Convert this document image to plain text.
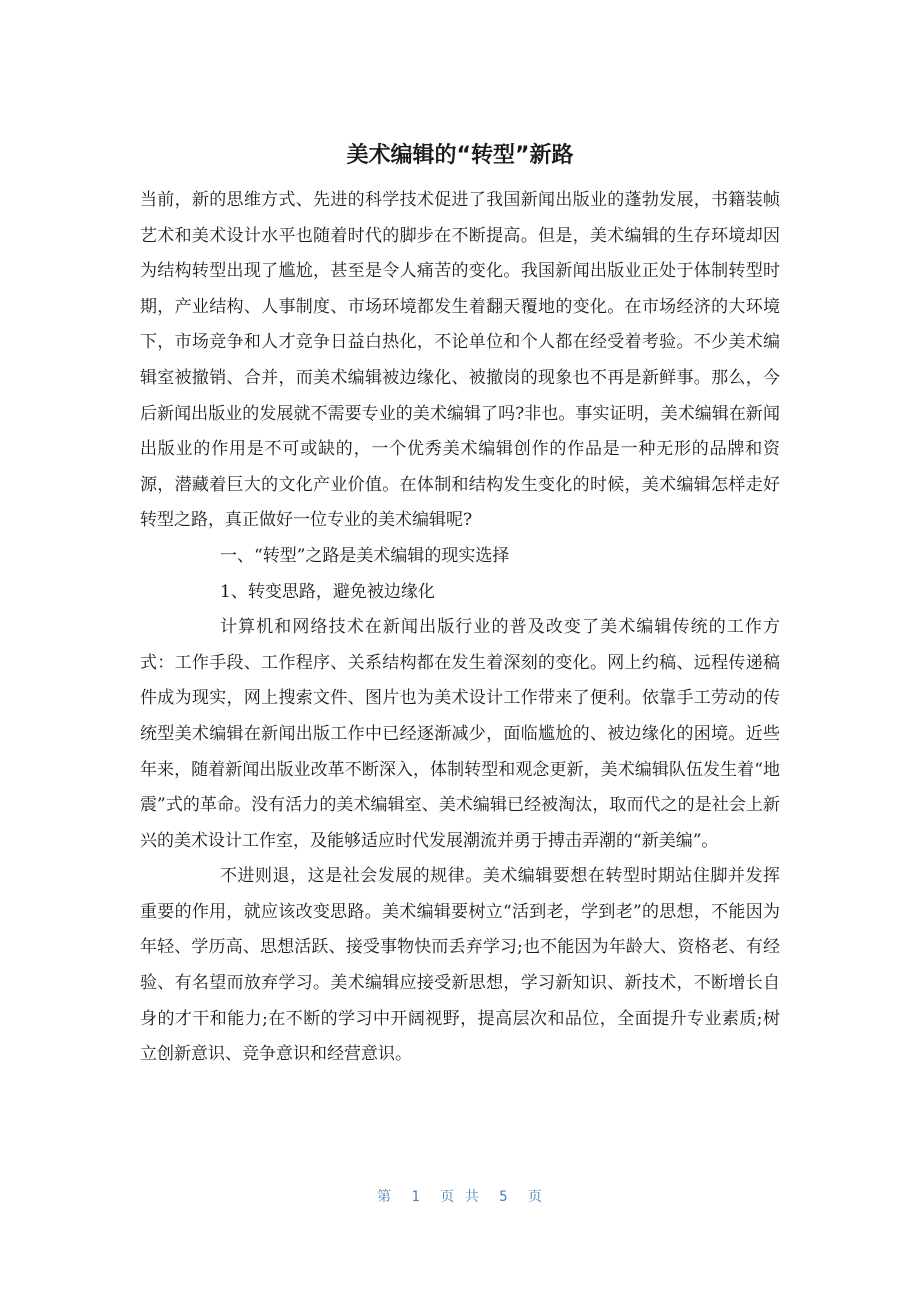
美术编辑的“转型”新路

当前，新的思维方式、先进的科学技术促进了我国新闻出版业的蓬勃发展，书籍装帧艺术和美术设计水平也随着时代的脚步在不断提高。但是，美术编辑的生存环境却因为结构转型出现了尴尬，甚至是令人痛苦的变化。我国新闻出版业正处于体制转型时期，产业结构、人事制度、市场环境都发生着翻天覆地的变化。在市场经济的大环境下，市场竞争和人才竞争日益白热化，不论单位和个人都在经受着考验。不少美术编辑室被撤销、合并，而美术编辑被边缘化、被撤岗的现象也不再是新鲜事。那么，今后新闻出版业的发展就不需要专业的美术编辑了吗?非也。事实证明，美术编辑在新闻出版业的作用是不可或缺的，一个优秀美术编辑创作的作品是一种无形的品牌和资源，潜藏着巨大的文化产业价值。在体制和结构发生变化的时候，美术编辑怎样走好转型之路，真正做好一位专业的美术编辑呢?

一、“转型”之路是美术编辑的现实选择

1、转变思路，避免被边缘化

计算机和网络技术在新闻出版行业的普及改变了美术编辑传统的工作方式：工作手段、工作程序、关系结构都在发生着深刻的变化。网上约稿、远程传递稿件成为现实，网上搜索文件、图片也为美术设计工作带来了便利。依靠手工劳动的传统型美术编辑在新闻出版工作中已经逐渐减少，面临尴尬的、被边缘化的困境。近些年来，随着新闻出版业改革不断深入，体制转型和观念更新，美术编辑队伍发生着“地震”式的革命。没有活力的美术编辑室、美术编辑已经被淘汰，取而代之的是社会上新兴的美术设计工作室，及能够适应时代发展潮流并勇于搏击弄潮的“新美编”。

不进则退，这是社会发展的规律。美术编辑要想在转型时期站住脚并发挥重要的作用，就应该改变思路。美术编辑要树立“活到老，学到老”的思想，不能因为年轻、学历高、思想活跃、接受事物快而丢弃学习;也不能因为年龄大、资格老、有经验、有名望而放弃学习。美术编辑应接受新思想，学习新知识、新技术，不断增长自身的才干和能力;在不断的学习中开阔视野，提高层次和品位，全面提升专业素质;树立创新意识、竞争意识和经营意识。

第 1 页 共 5 页
